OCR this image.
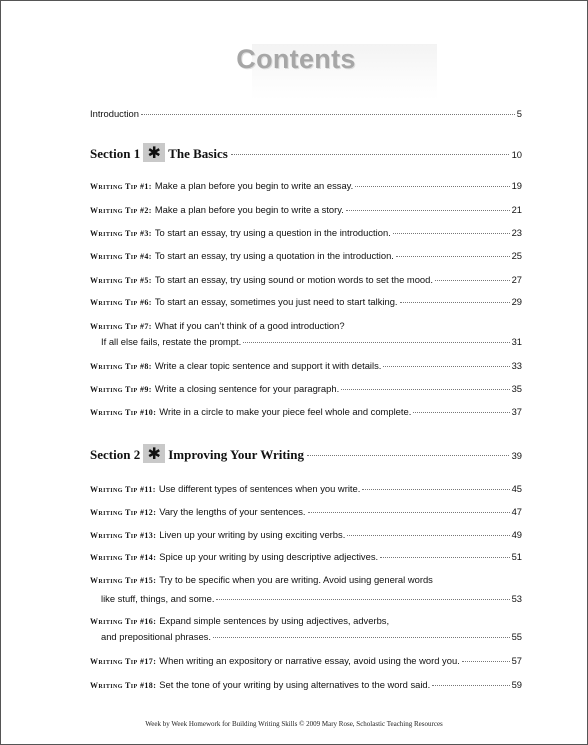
Contents
Introduction	5
Section 1 ✱ The Basics	10
Writing Tip #1: Make a plan before you begin to write an essay.	19
Writing Tip #2: Make a plan before you begin to write a story.	21
Writing Tip #3: To start an essay, try using a question in the introduction.	23
Writing Tip #4: To start an essay, try using a quotation in the introduction.	25
Writing Tip #5: To start an essay, try using sound or motion words to set the mood.	27
Writing Tip #6: To start an essay, sometimes you just need to start talking.	29
Writing Tip #7: What if you can’t think of a good introduction?
If all else fails, restate the prompt.	31
Writing Tip #8: Write a clear topic sentence and support it with details.	33
Writing Tip #9: Write a closing sentence for your paragraph.	35
Writing Tip #10: Write in a circle to make your piece feel whole and complete.	37
Section 2 ✱ Improving Your Writing	39
Writing Tip #11: Use different types of sentences when you write.	45
Writing Tip #12: Vary the lengths of your sentences.	47
Writing Tip #13: Liven up your writing by using exciting verbs.	49
Writing Tip #14: Spice up your writing by using descriptive adjectives.	51
Writing Tip #15: Try to be specific when you are writing. Avoid using general words
like stuff, things, and some.	53
Writing Tip #16: Expand simple sentences by using adjectives, adverbs,
and prepositional phrases.	55
Writing Tip #17: When writing an expository or narrative essay, avoid using the word you.	57
Writing Tip #18: Set the tone of your writing by using alternatives to the word said.	59
Week by Week Homework for Building Writing Skills © 2009 Mary Rose, Scholastic Teaching Resources
